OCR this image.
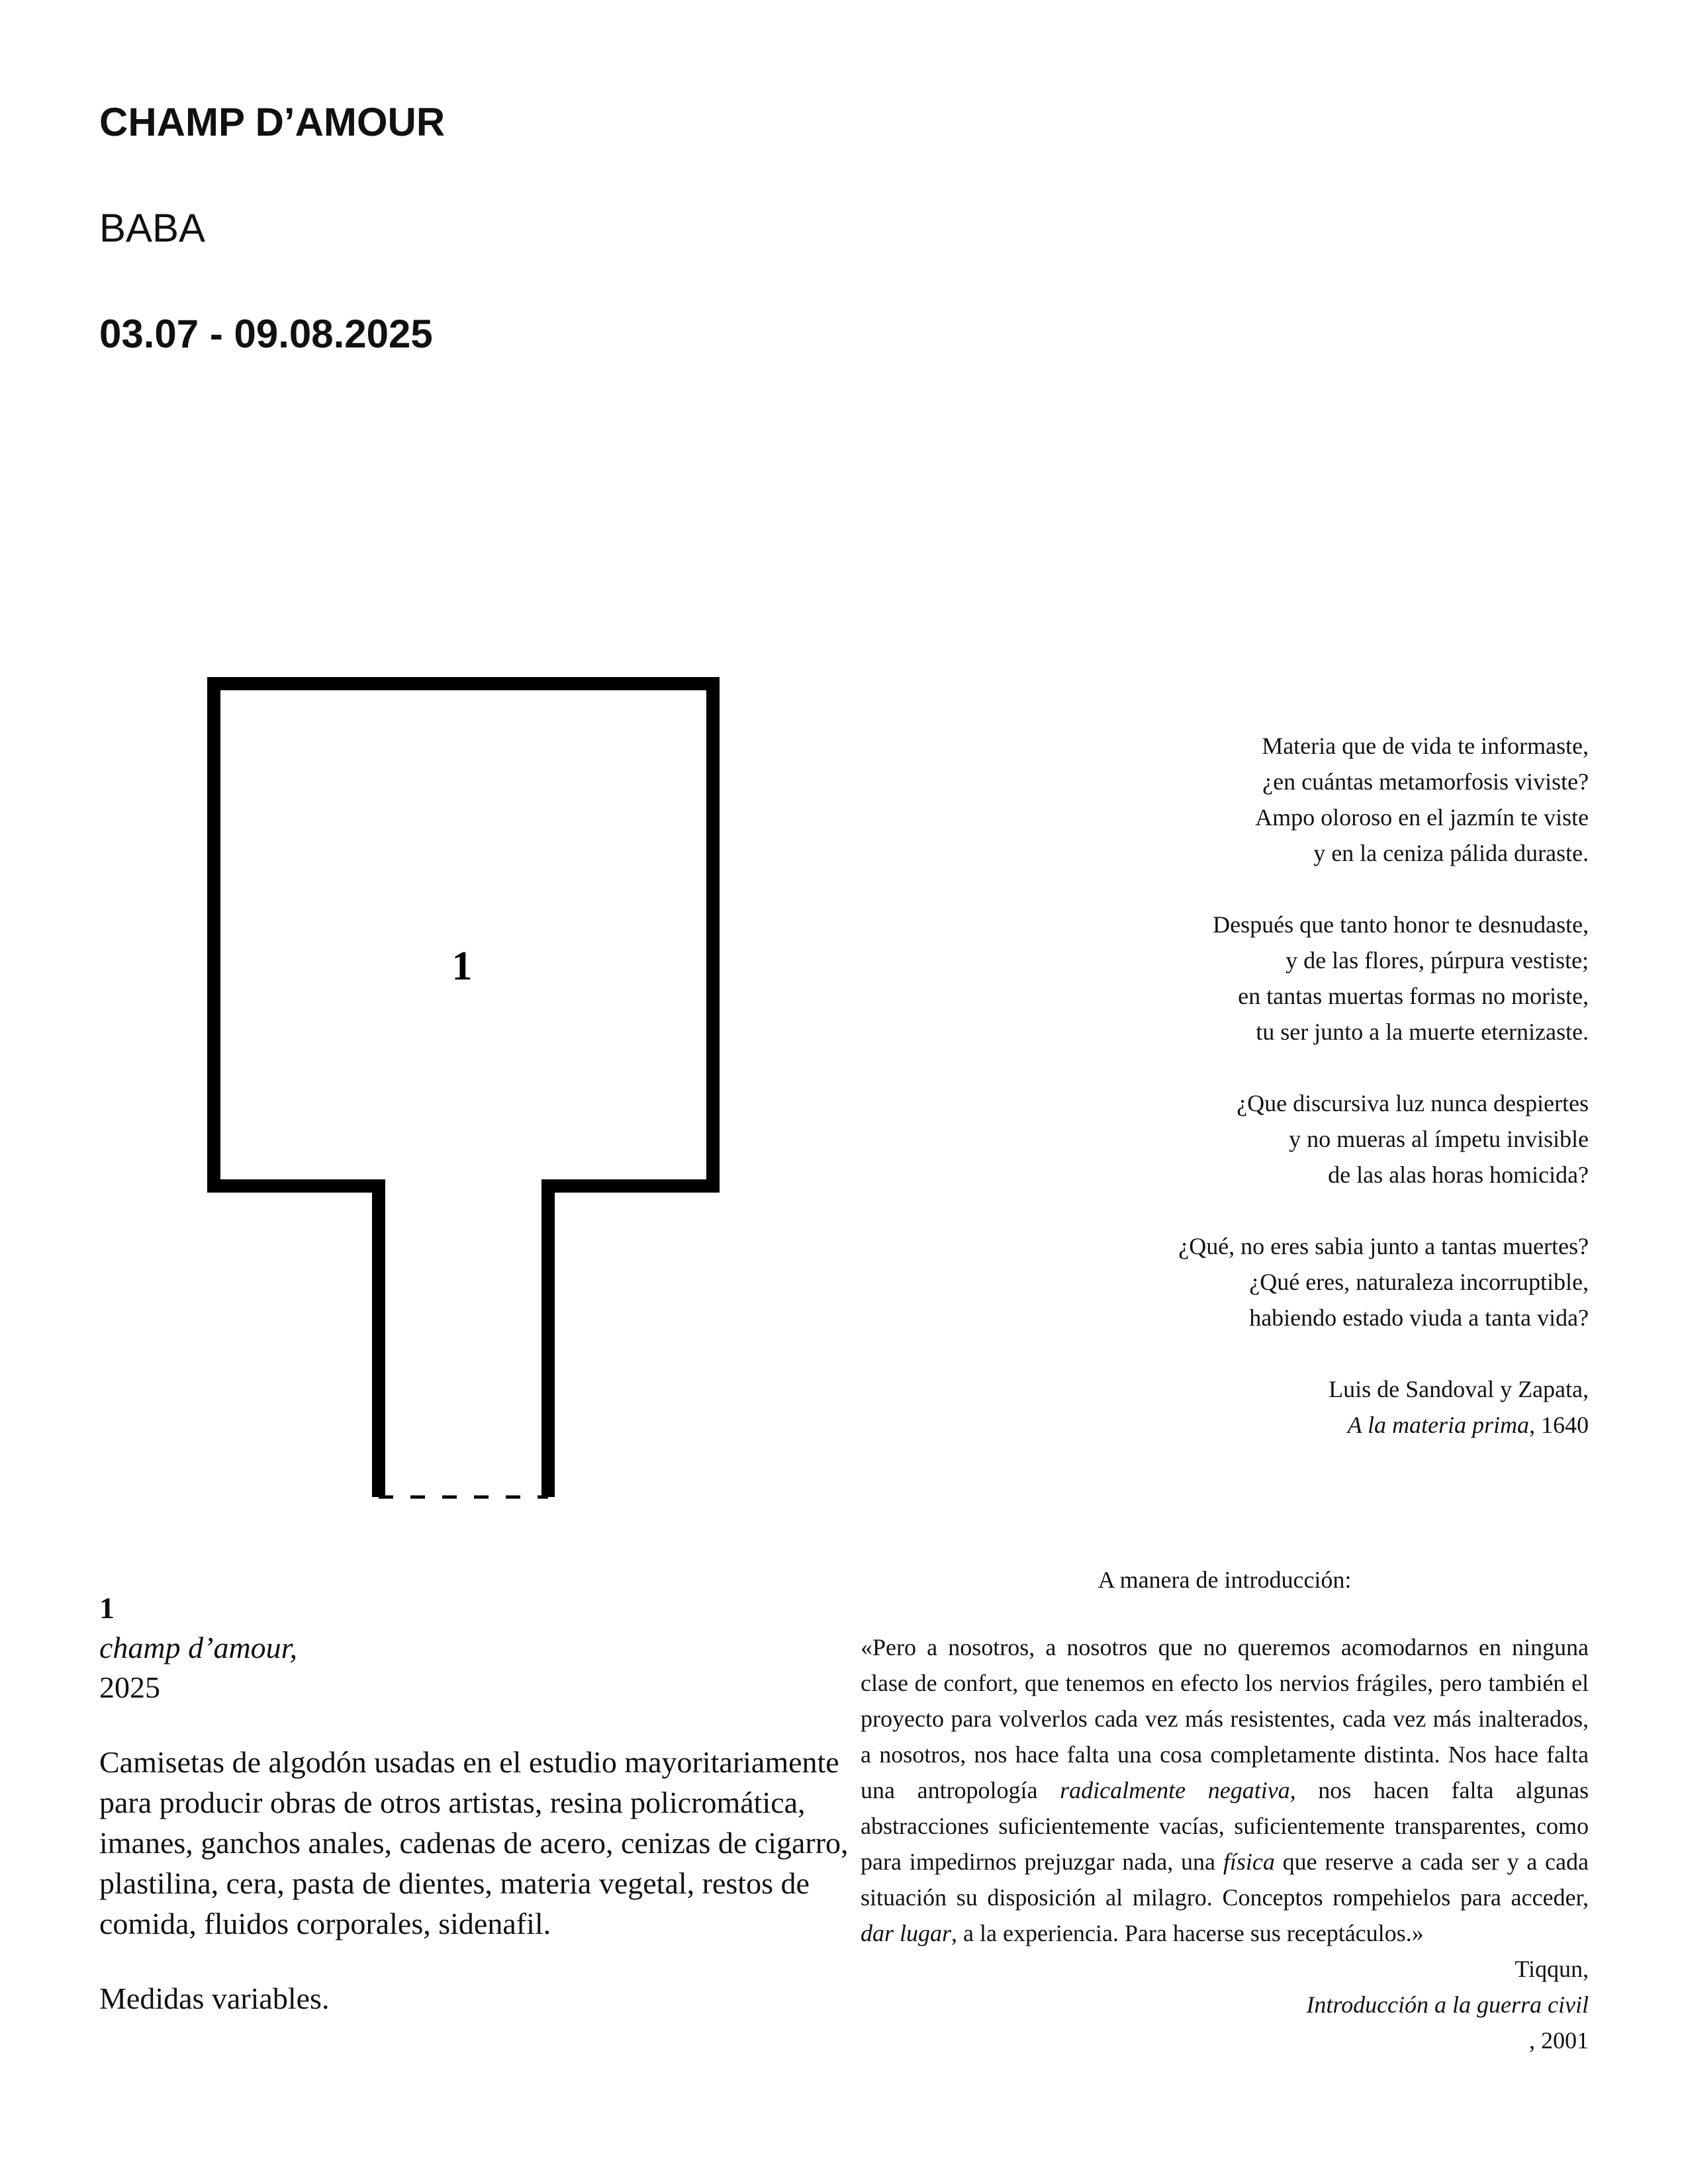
CHAMP D’AMOUR
BABA
03.07 - 09.08.2025
1

Materia que de vida te informaste,
¿en cuántas metamorfosis viviste?
Ampo oloroso en el jazmín te viste
y en la ceniza pálida duraste.

Después que tanto honor te desnudaste,
y de las flores, púrpura vestiste;
en tantas muertas formas no moriste,
tu ser junto a la muerte eternizaste.

¿Que discursiva luz nunca despiertes
y no mueras al ímpetu invisible
de las alas horas homicida?

¿Qué, no eres sabia junto a tantas muertes?
¿Qué eres, naturaleza incorruptible,
habiendo estado viuda a tanta vida?

Luis de Sandoval y Zapata,
A la materia prima, 1640

1
champ d’amour,
2025

Camisetas de algodón usadas en el estudio mayoritariamente para producir obras de otros artistas, resina policromática, imanes, ganchos anales, cadenas de acero, cenizas de cigarro, plastilina, cera, pasta de dientes, materia vegetal, restos de comida, fluidos corporales, sidenafil.

Medidas variables.

A manera de introducción:

«Pero a nosotros, a nosotros que no queremos acomodarnos en ninguna clase de confort, que tenemos en efecto los nervios frágiles, pero también el proyecto para volverlos cada vez más resistentes, cada vez más inalterados, a nosotros, nos hace falta una cosa completamente distinta. Nos hace falta una antropología radicalmente negativa, nos hacen falta algunas abstracciones suficientemente vacías, suficientemente transparentes, como para impedirnos prejuzgar nada, una física que reserve a cada ser y a cada situación su disposición al milagro. Conceptos rompehielos para acceder, dar lugar, a la experiencia. Para hacerse sus receptáculos.»

Tiqqun,
Introducción a la guerra civil
, 2001
